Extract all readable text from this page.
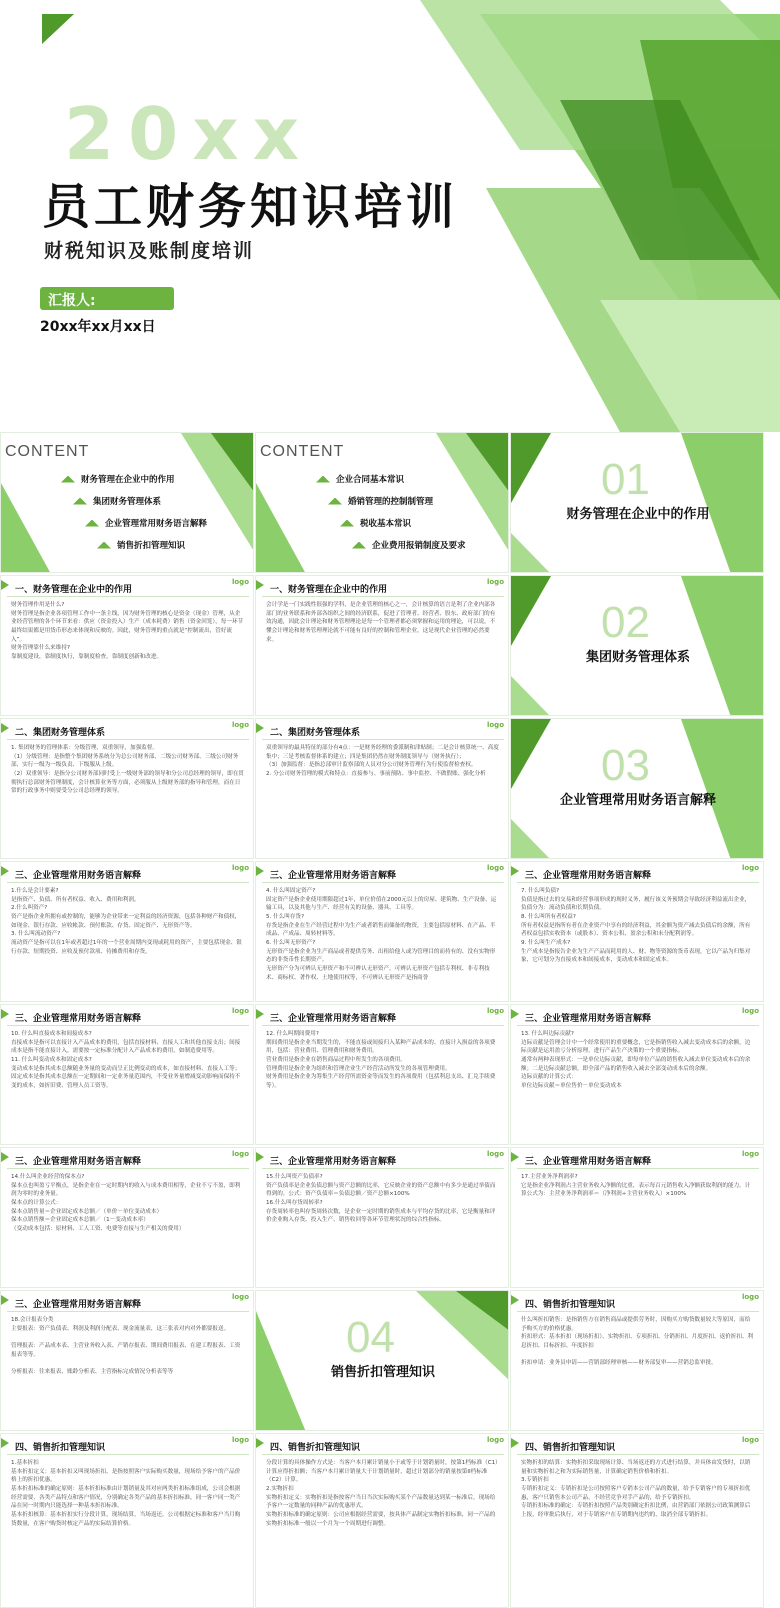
20xx
员工财务知识培训
财税知识及账制度培训
汇报人:
20xx年xx月xx日
CONTENT
财务管理在企业中的作用
集团财务管理体系
企业管理常用财务语言解释
销售折扣管理知识
CONTENT
企业合同基本常识
婚销管理的控制制管理
税收基本常识
企业费用报销制度及要求
01
财务管理在企业中的作用
一、财务管理在企业中的作用
logo
财务管理作用是什么?
财务管理是指企业各项管理工作中一条主线，因为财务管理的核心是资金（现金）管理，从企业经营管理的各个环节来看：供应（资金投入）生产（成本耗费）销售（资金回笼），每一环节最终结果都是用货币形态来体现和反映的。因此，财务管理的重点就是“控制流出，管好流入”。
财务管理靠什么来维持?
靠制度建设，靠制度执行，靠制度检查，靠制度创新和改进。
一、财务管理在企业中的作用
logo
会计学是一门实践性很强的学科，是企业管理的核心之一，会计核算的语言是利了企业内部各部门的业务联系和外部各组织之间的经济联系，促进了管理者、经营者、股东、政府部门的有效沟通，因此会计理论和财务管理理论是每一个管理者都必须掌握和运用的理论，可以说，不懂会计理论和财务管理理论就不可能有良好的控制和管理企业，这是现代企业管理的必然要求。	02
集团财务管理体系
二、集团财务管理体系
logo
1. 集团财务的管理体系：分级管理，双重领导，加强监督。
（1）分级管理：是指整个集团财务系统分为总公司财务部、二级公司财务部、三级公司财务部，实行一级为一级负责、下级服从上级。
（2）双重领导：是指分公司财务部同时受上一级财务部的领导和分公司总经理的领导，即在贯彻执行总部财务管理制度，会计核算业务等方面，必须服从上级财务部的指导和管理，而在日常的行政事务中则要受分公司总经理的领导。
二、集团财务管理体系
logo
双重领导的最具特征的部分有4点：一是财务经理的委派制和津贴制；二是会计核算统一、高度集中；三是考核监督体系的建立；四是集团仍然在财务制度领导与（财务执行）；
（3）加强监督：是指总部审计监察部的人员对分公司财务管理行为行使监督检查权。
2. 分公司财务管理的模式和特点：直接参与、事前预防、事中监控、不做假账、强化分析	03
企业管理常用财务语言解释
三、企业管理常用财务语言解释
logo
1.什么是会计要素?
是指资产、负债、所有者权益、收入、费用和利润。
2.什么叫资产?
资产是指企业所拥有或控制的，能够为企业带来一定利益的经济资源，包括各种财产和债权，如现金、银行存款、应收帐款、预付账款、存货、固定资产、无形资产等。
3. 什么叫流动资产?
流动资产是指可以在1年或者超过1年的一个营业周期内变现或耗用的资产，主要包括现金、银行存款、短期投资、应收及预付款项、待摊费用和存货。
三、企业管理常用财务语言解释
logo
4. 什么叫固定资产?
固定资产是指企业使用期限超过1年，单位价值在2000元以上的房屋、建筑物、生产设备、运输工具，以及其他与生产、经营有关的设备、器具、工具等。
5. 什么叫存货?
存货是指企业在生产经营过程中为生产或者销售而储备的物资，主要包括原材料、在产品、半成品、产成品、周转材料等。
6. 什么叫无形资产?
无形资产是指企业为生产商品或者提供劳务、出租给他人或为管理目的而持有的、没有实物形态的非货币性长期资产。
无形资产分为可辨认无形资产和不可辨认无形资产，可辨认无形资产包括专利权、非专利技术、商标权、著作权、土地使用权等，不可辨认无形资产是指商誉
三、企业管理常用财务语言解释
logo
7. 什么叫负债?
负债是指过去的交易和经营事项形成的现时义务，履行该义务预期会导致经济利益流出企业，负债分为：流动负债和长期负债。
8. 什么叫所有者权益?
所有者权益是指所有者在企业资产中享有的经济利益，其金额为资产减去负债后的余额，所有者权益包括实收资本（或股本）、资本公积、盈余公积和未分配利润等。
9. 什么叫生产成本?
生产成本是指报告企业为生产产品而耗用的人、财、物等资源的货币表现，它以产品为归集对象，它可划分为直接成本和间接成本，变动成本和固定成本。
三、企业管理常用财务语言解释
logo
10. 什么叫直接成本和间接成本?
直接成本是指可以直接计入产品成本的费用，包括直接材料、直接人工和其他直接支出；间接成本是指不能直接计入，需要按一定标准分配计入产品成本的费用，如制造费用等。
11. 什么叫变动成本和固定成本?
变动成本是指其成本总额随业务量的变动而呈正比例变动的成本，如直接材料、直接人工等；固定成本是指其成本总额在一定期间和一定业务量范围内，不受业务量增减变动影响而保持不变的成本，如折旧费、管理人员工资等。
三、企业管理常用财务语言解释
logo
12. 什么叫期间费用?
期间费用是指企业当期发生的，不能直接或间接归入某种产品成本的、直接计入损益的各项费用，包括：营业费用、管理费用和财务费用。
营业费用是指企业在销售商品过程中所发生的各项费用。
管理费用是指企业为组织和管理企业生产经营活动所发生的各项管理费用。
财务费用是指企业为筹集生产经营所需资金等而发生的各项费用（包括利息支出、汇兑手续费等）。
三、企业管理常用财务语言解释
logo
13. 什么叫边际贡献?
边际贡献是管理会计中一个经常使用的重要概念，它是指销售收入减去变动成本后的余额，边际贡献是运用盈亏分析原理，进行产品生产决策的一个重要指标。
通常有两种表现形式：一是单位边际贡献，即每单位产品的销售收入减去单位变动成本后的余额；二是边际贡献总额，即全部产品的销售收入减去全部变动成本后的余额。
边际贡献的计算公式：
单位边际贡献＝单位售价－单位变动成本
三、企业管理常用财务语言解释
logo
14.什么叫企业经营的保本点?
保本点也叫盈亏平衡点，是指企业在一定时期内的收入与成本费用相等，企业不亏不盈，即利润为零时的业务量。
保本点的计算公式：
保本点销售量＝企业固定成本总额／（单价－单位变动成本）
保本点销售额＝企业固定成本总额／（1－变动成本率）
（变动成本包括：原材料、工人工资、电费等直接与生产相关的费用）
三、企业管理常用财务语言解释
logo
15.什么叫资产负债率?
资产负债率是企业负债总额与资产总额的比率，它反映企业的资产总额中有多少是通过举债而得到的。公式：资产负债率＝负债总额／资产总额×100%
16.什么叫存货周转率?
存货周转率也叫存货周转次数，是企业一定时期的销售成本与平均存货的比率，它是衡量和评价企业购入存货、投入生产、销售收回等各环节管理状况的综合性指标。
三、企业管理常用财务语言解释
logo
17.主营业务净利润率?
它是指企业净利润占主营业务收入净额的比重，表示每百元销售收入净额获取利润的能力。计算公式为：主营业务净利润率＝（净利润÷主营业务收入）×100%
三、企业管理常用财务语言解释
logo
18.会计报表分类
主要报表：资产负债表、利润及利润分配表、现金流量表，这三张表对内对外都要报送。

管理报表：产品成本表、主营业务收入表、产销存报表、期间费用报表、在建工程报表、工资报表等等。

分析报表：往来报表、账龄分析表、主营指标完成情况分析表等等
04
销售折扣管理知识
四、销售折扣管理知识
logo
什么叫折扣销售：是指销售方在销售商品或提供劳务时，因购买方购货数量较大等原因，而给予购买方的价格优惠。
折扣形式：基本折扣（现场折扣）、实物折扣、专项折扣、分销折扣、月度折扣、返价折扣、利息折扣、目标折扣、年度折扣

折扣申请：业务员申请——营销部经理审核——财务部复审——营销总监审批。
四、销售折扣管理知识
logo
1.基本折扣
基本折扣定义：基本折扣又叫现场折扣，是指按照客户实际购买数量，现场给予客户的产品价格上的折扣优惠。
基本折扣标准的确定原则：基本折扣标准由计划销量及其对应两类折扣标准组成，公司会根据经营需要、各类产品特点和客户情况，分别确定各类产品的基本折扣标准，同一客户同一类产品在同一时期内只能选择一种基本折扣标准。
基本折扣核算：基本折扣实行分段计算，现场结算，当场返还，公司根据定标准和客户当月购货数量，在客户购货时核定产品的实际结算价格。
四、销售折扣管理知识
logo
分段计算的具体操作方式是：当客户本月累计销量小于或等于计划销量时，按第1档标准（C1）计算应得折扣额；当客户本月累计销量大于计划销量时，超过计划部分的销量按第II档标准（C2）计算。
2.实物折扣
实物折扣定义：实物折扣是指按客户当日当次实际购买某个产品数量达到某一标准后，现场给予客户一定数量的同种产品的优惠形式。
实物折扣标准的确定原则：公司应根据经营需要，按具体产品制定实物折扣标准，同一产品的实物折扣标准一般以一个月为一个周期进行调整。
四、销售折扣管理知识
logo
实物折扣的结算：实物折扣采取现场计算、当场返还的方式进行结算，并具体由发货时，以销量和实物折扣之和为实际销售量，计算确定销售价格和折扣。
3.专销折扣
专销折扣定义：专销折扣是公司按照客户专销本公司产品的数量，给予专销客户的专项折扣优惠，客户只销售本公司产品，不经营竞争对手产品的，给予专销折扣。
专销折扣标准的确定：专销折扣按照产品类别确定折扣比例，由营销部门依据公司政策测算后上报，经审批后执行，对于专销客户在专销期内违约的，取消全部专销折扣。
